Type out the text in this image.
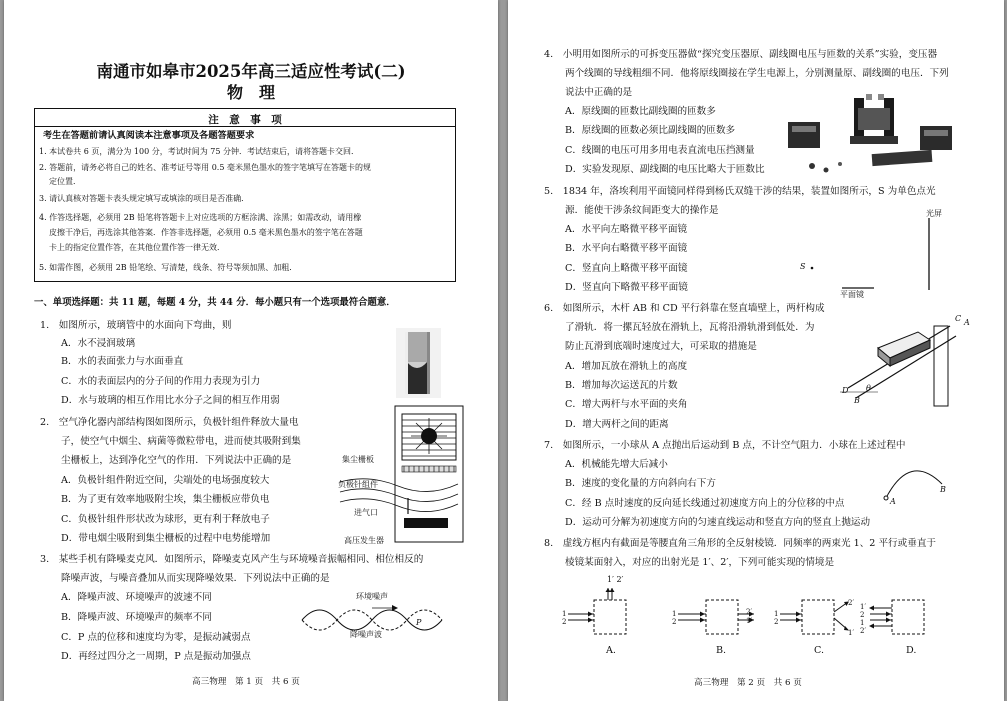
南通市如皋市2025年高三适应性考试(二)
物　理
注　意　事　项
考生在答题前请认真阅读本注意事项及各题答题要求
1. 本试卷共 6 页，满分为 100 分，考试时间为 75 分钟．考试结束后，请将答题卡交回．
2. 答题前，请务必将自己的姓名、准考证号等用 0.5 毫米黑色墨水的签字笔填写在答题卡的规
定位置．
3. 请认真核对答题卡表头规定填写或填涂的项目是否准确．
4. 作答选择题，必须用 2B 铅笔将答题卡上对应选项的方框涂满、涂黑；如需改动，请用橡
皮擦干净后，再选涂其他答案．作答非选择题，必须用 0.5 毫米黑色墨水的签字笔在答题
卡上的指定位置作答，在其他位置作答一律无效．
5. 如需作图，必须用 2B 铅笔绘、写清楚，线条、符号等须加黑、加粗．
一、单项选择题：共 11 题，每题 4 分，共 44 分．每小题只有一个选项最符合题意．
1.　如图所示，玻璃管中的水面向下弯曲，则
A．水不浸润玻璃
B．水的表面张力与水面垂直
C．水的表面层内的分子间的作用力表现为引力
D．水与玻璃的相互作用比水分子之间的相互作用弱
2.　空气净化器内部结构图如图所示，负极针组件释放大量电
子，使空气中烟尘、病菌等微粒带电，进而使其吸附到集
尘栅板上，达到净化空气的作用．下列说法中正确的是
A．负极针组件附近空间，尖端处的电场强度较大
B．为了更有效率地吸附尘埃，集尘栅板应带负电
C．负极针组件形状改为球形，更有利于释放电子
D．带电烟尘吸附到集尘栅板的过程中电势能增加
集尘栅板
负极针组件
进气口
高压发生器
3.　某些手机有降噪麦克风．如图所示，降噪麦克风产生与环境噪音振幅相同、相位相反的
降噪声波，与噪音叠加从而实现降噪效果．下列说法中正确的是
A．降噪声波、环境噪声的波速不同
B．降噪声波、环境噪声的频率不同
C．P 点的位移和速度均为零，是振动减弱点
D．再经过四分之一周期，P 点是振动加强点
环境噪声
降噪声波
P
高三物理　第 1 页　共 6 页
4.　小明用如图所示的可拆变压器做“探究变压器原、副线圈电压与匝数的关系”实验，变压器
两个线圈的导线粗细不同．他将原线圈接在学生电源上，分别测量原、副线圈的电压．下列
说法中正确的是
A．原线圈的匝数比副线圈的匝数多
B．原线圈的匝数必须比副线圈的匝数多
C．线圈的电压可用多用电表直流电压挡测量
D．实验发现原、副线圈的电压比略大于匝数比
5.　1834 年，洛埃利用平面镜同样得到杨氏双缝干涉的结果，装置如图所示，S 为单色点光
源．能使干涉条纹间距变大的操作是
A．水平向左略微平移平面镜
B．水平向右略微平移平面镜
C．竖直向上略微平移平面镜
D．竖直向下略微平移平面镜
光屏
S
平面镜
6.　如图所示，木杆 AB 和 CD 平行斜靠在竖直墙壁上，两杆构成
了滑轨．将一摞瓦轻放在滑轨上，瓦将沿滑轨滑到低处．为
防止瓦滑到底端时速度过大，可采取的措施是
A．增加瓦放在滑轨上的高度
B．增加每次运送瓦的片数
C．增大两杆与水平面的夹角
D．增大两杆之间的距离
C A
D
B
θ
7.　如图所示，一小球从 A 点抛出后运动到 B 点，不计空气阻力．小球在上述过程中
A．机械能先增大后减小
B．速度的变化量的方向斜向右下方
C．经 B 点时速度的反向延长线通过初速度方向上的分位移的中点
D．运动可分解为初速度方向的匀速直线运动和竖直方向的竖直上抛运动
A
B
8.　虚线方框内有截面是等腰直角三角形的全反射棱镜．同频率的两束光 1、2 平行或垂直于
棱镜某面射入，对应的出射光是 1′、2′，下列可能实现的情境是
1′ 2′
1
2
A.
1
2
2′
1′
B.
1
2
2′
1′
C.
1′
2
1
2′
D.
高三物理　第 2 页　共 6 页
